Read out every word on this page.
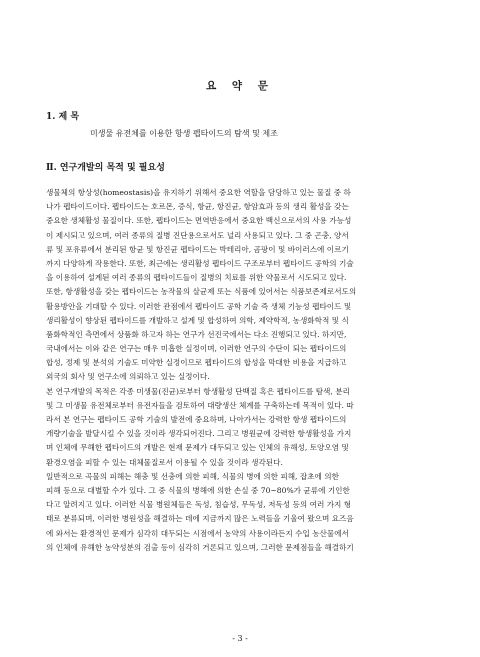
요 약 문
1. 제 목
미생물 유전체를 이용한 항생 펩타이드의 탐색 및 제조
Ⅱ. 연구개발의 목적 및 필요성
생물체의 항상성(homeostasis)을 유지하기 위해서 중요한 역할을 담당하고 있는 물질 중 하
나가 펩타이드이다. 펩타이드는 호르몬, 증식, 항균, 항진균, 항암효과 등의 생리 활성을 갖는
중요한 생체활성 물질이다. 또한, 펩타이드는 면역반응에서 중요한 백신으로서의 사용 가능성
이 제시되고 있으며, 여러 종류의 질병 진단용으로서도 널리 사용되고 있다. 그 중 곤충, 양서
류 및 포유류에서 분리된 항균 및 항진균 펩타이드는 박테리아, 곰팡이 및 바이러스에 이르기
까지 다양하게 작용한다. 또한, 최근에는 생리활성 펩타이드 구조로부터 펩타이드 공학의 기술
을 이용하여 설계된 여러 종류의 펩타이드들이 질병의 치료를 위한 약물로서 시도되고 있다.
또한, 항생활성을 갖는 펩타이드는 농작물의 살균제 또는 식품에 있어서는 식품보존제로서도의
활용방안을 기대할 수 있다. 이러한 관점에서 펩타이드 공학 기술 즉 생체 기능성 펩타이드 및
생리활성이 향상된 펩타이드를 개발하고 설계 및 합성하여 의학, 제약학적, 농생화학적 및 식
품화학적인 측면에서 상품화 하고자 하는 연구가 선진국에서는 다소 진행되고 있다. 하지만,
국내에서는 이와 같은 연구는 매우 미흡한 실정이며, 이러한 연구의 수단이 되는 펩타이드의
합성, 정제 및 분석의 기술도 미약한 실정이므로 펩타이드의 합성을 막대한 비용을 지급하고
외국의 회사 및 연구소에 의뢰하고 있는 실정이다.
본 연구개발의 목적은 각종 미생물(진균)로부터 항생활성 단백질 혹은 펩타이드를 탐색, 분리
및 그 미생물 유전체로부터 유전자들을 검토하여 대량생산 체계를 구축하는데 목적이 있다. 따
라서 본 연구는 펩타이드 공학 기술의 발전에 중요하며, 나아가서는 강력한 항생 펩타이드의
개량기술을 발달시킬 수 있을 것이라 생각되어진다. 그리고 병원균에 강력한 항생활성을 가지
며 인체에 무해한 펩타이드의 개발은 현재 문제가 대두되고 있는 인체의 유해성, 토양오염 및
환경오염을 피할 수 있는 대체물질로서 이용될 수 있을 것이라 생각된다.
일반적으로 곡물의 피해는 해충 및 선충에 의한 피해, 식물의 병에 의한 피해, 잡초에 의한
피해 등으로 대별할 수가 있다. 그 중 식물의 병해에 의한 손실 중 70~80%가 균류에 기인한
다고 알려지고 있다. 이러한 식물 병원체들은 독성, 침습성, 무독성, 저독성 등의 여러 가지 형
태로 분류되며, 이러한 병원성을 해결하는 데에 지금까지 많은 노력들을 기울여 왔으며 요즈음
에 와서는 환경적인 문제가 심각히 대두되는 시점에서 농약의 사용이라든지 수입 농산물에서
의 인체에 유해한 농약성분의 검출 등이 심각히 거론되고 있으며, 그러한 문제점들을 해결하기
- 3 -
